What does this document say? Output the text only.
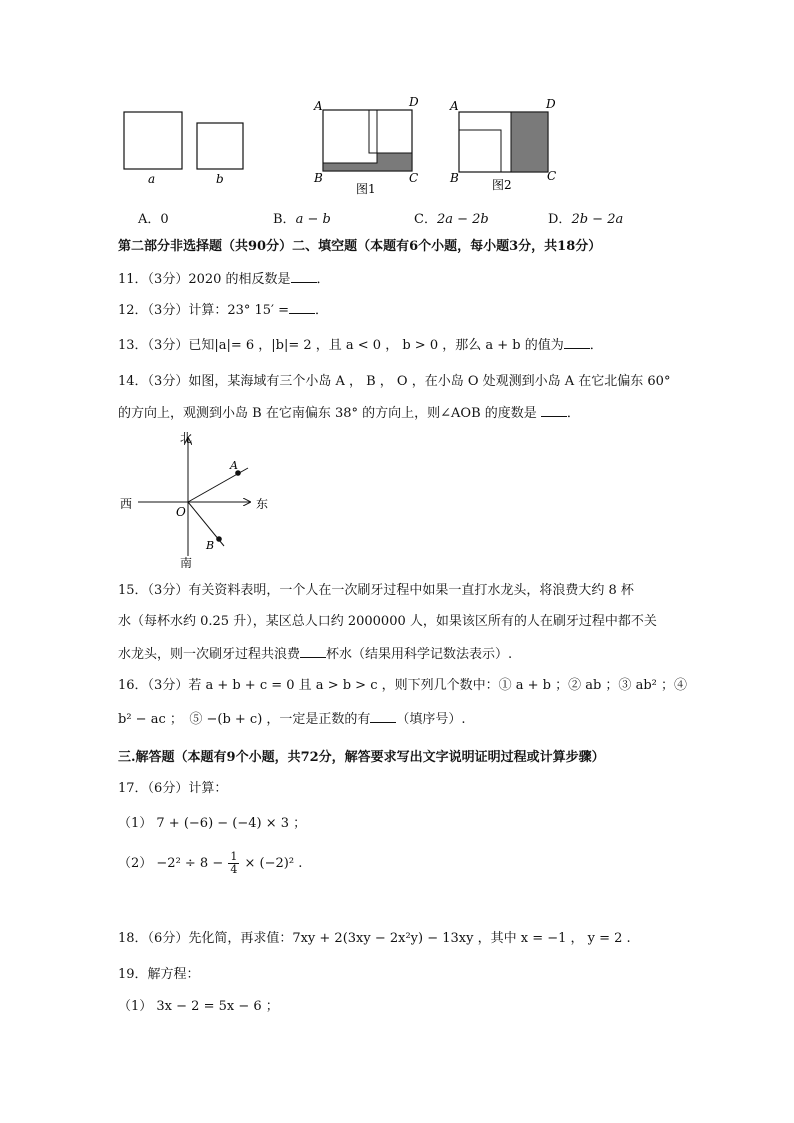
a	b
A	D
B	C
图1
A	D
B	C
图2
A．0	B．a − b	C．2a − 2b	D．2b − 2a
第二部分非选择题（共90分）二、填空题（本题有6个小题，每小题3分，共18分）
11．（3分）2020 的相反数是 ．
12．（3分）计算：23° 15′ = ．
13．（3分）已知|a|= 6 ，|b|= 2 ，且 a < 0 ， b > 0 ，那么 a + b 的值为 ．
14．（3分）如图，某海域有三个小岛 A ， B ， O ，在小岛 O 处观测到小岛 A 在它北偏东 60°
的方向上，观测到小岛 B 在它南偏东 38° 的方向上，则∠AOB 的度数是 ．
北
西	东
南
O
A
B
15．（3分）有关资料表明，一个人在一次刷牙过程中如果一直打水龙头，将浪费大约 8 杯
水（每杯水约 0.25 升），某区总人口约 2000000 人，如果该区所有的人在刷牙过程中都不关
水龙头，则一次刷牙过程共浪费 杯水（结果用科学记数法表示）.
16．（3分）若 a + b + c = 0 且 a > b > c ，则下列几个数中：① a + b ；② ab ；③ ab² ；④
b² − ac ；　⑤ −(b + c) ，一定是正数的有 （填序号）.
三.解答题（本题有9个小题，共72分，解答要求写出文字说明证明过程或计算步骤）
17．（6分）计算：
（1） 7 + (−6) − (−4) × 3 ；
$(2) -2^2 \div 8 - \frac{1}{4} \times (-2)^2$ .
18．（6分）先化简，再求值：7xy + 2(3xy − 2x²y) − 13xy ，其中 x = −1 ， y = 2 .
19．解方程：
（1） 3x − 2 = 5x − 6 ；
